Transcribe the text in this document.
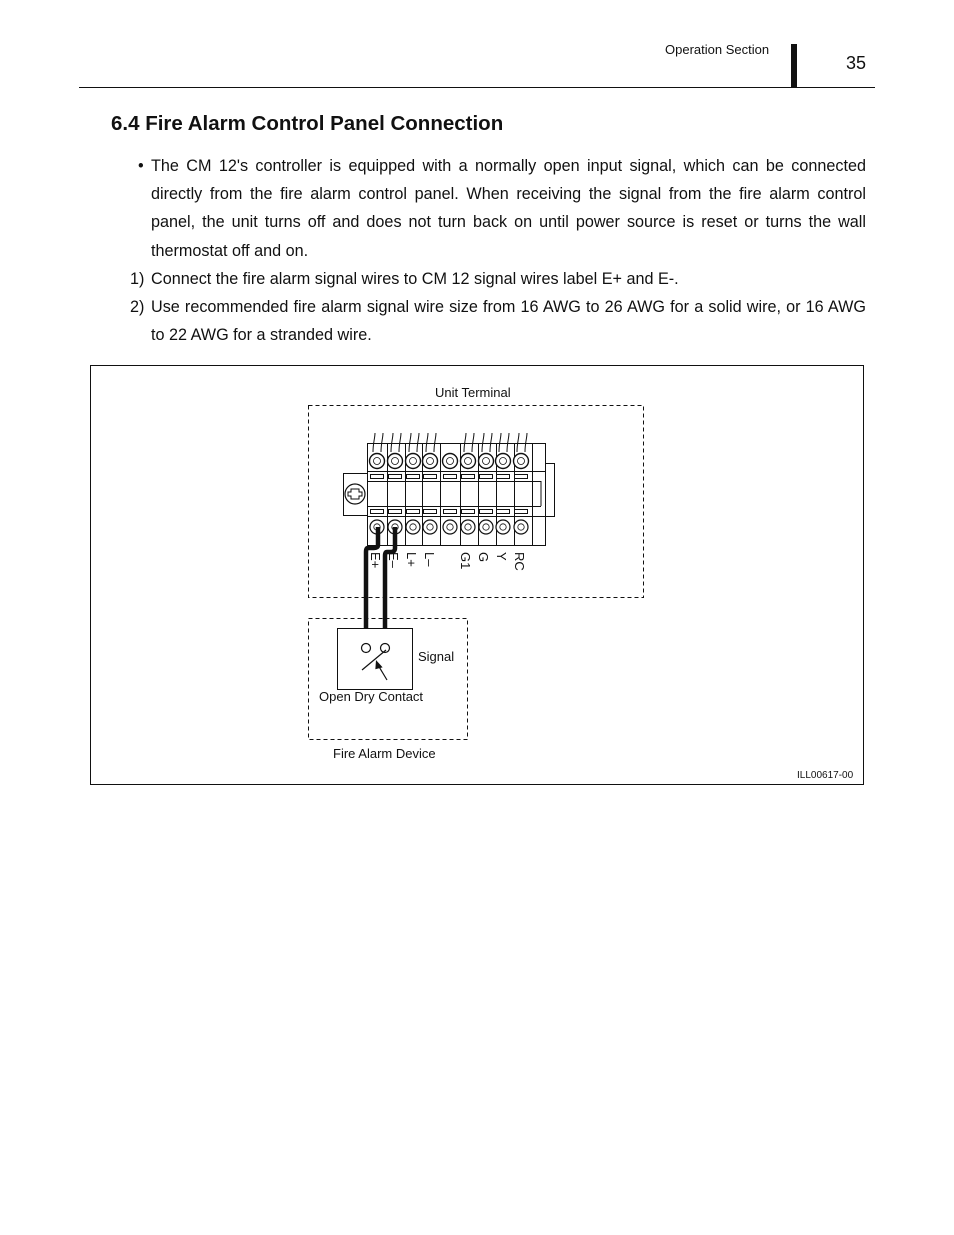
Operation Section
35
6.4 Fire Alarm Control Panel Connection

• The CM 12's controller is equipped with a normally open input signal, which can be connected directly from the fire alarm control panel. When receiving the signal from the fire alarm control panel, the unit turns off and does not turn back on until power source is reset or turns the wall thermostat off and on.

1) Connect the fire alarm signal wires to CM 12 signal wires label E+ and E-.

2) Use recommended fire alarm signal wire size from 16 AWG to 26 AWG for a solid wire, or 16 AWG to 22 AWG for a stranded wire.

E+ E– L+ L– G1 G Y RC
Unit Terminal
Signal
Open Dry Contact
Fire Alarm Device
ILL00617-00
